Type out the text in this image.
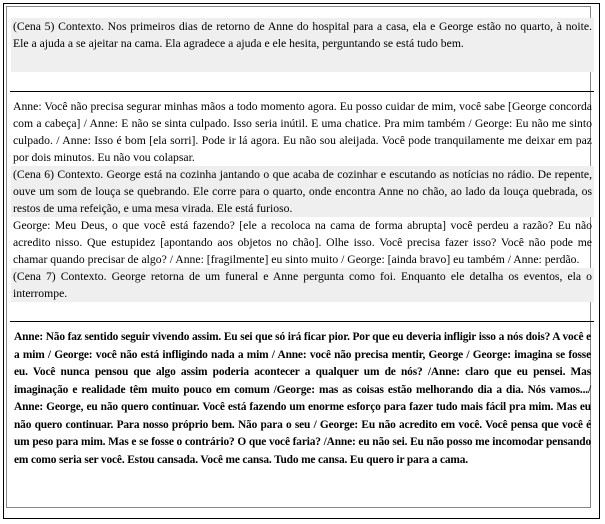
(Cena 5) Contexto. Nos primeiros dias de retorno de Anne do hospital para a casa, ela e George estão no quarto, à noite. Ele a ajuda a se ajeitar na cama. Ela agradece a ajuda e ele hesita, perguntando se está tudo bem.

Anne: Você não precisa segurar minhas mãos a todo momento agora. Eu posso cuidar de mim, você sabe [George concorda com a cabeça] / Anne: E não se sinta culpado. Isso seria inútil. E uma chatice. Pra mim também / George: Eu não me sinto culpado. / Anne: Isso é bom [ela sorri]. Pode ir lá agora. Eu não sou aleijada. Você pode tranquilamente me deixar em paz por dois minutos. Eu não vou colapsar.

(Cena 6) Contexto. George está na cozinha jantando o que acaba de cozinhar e escutando as notícias no rádio. De repente, ouve um som de louça se quebrando. Ele corre para o quarto, onde encontra Anne no chão, ao lado da louça quebrada, os restos de uma refeição, e uma mesa virada. Ele está furioso.

George: Meu Deus, o que você está fazendo? [ele a recoloca na cama de forma abrupta] você perdeu a razão? Eu não acredito nisso. Que estupidez [apontando aos objetos no chão]. Olhe isso. Você precisa fazer isso? Você não pode me chamar quando precisar de algo? / Anne: [fragilmente] eu sinto muito / George: [ainda bravo] eu também / Anne: perdão.

(Cena 7) Contexto. George retorna de um funeral e Anne pergunta como foi. Enquanto ele detalha os eventos, ela o interrompe.

Anne: Não faz sentido seguir vivendo assim. Eu sei que só irá ficar pior. Por que eu deveria infligir isso a nós dois? A você e a mim / George: você não está infligindo nada a mim / Anne: você não precisa mentir, George / George: imagina se fosse eu. Você nunca pensou que algo assim poderia acontecer a qualquer um de nós? /Anne: claro que eu pensei. Mas imaginação e realidade têm muito pouco em comum /George: mas as coisas estão melhorando dia a dia. Nós vamos.../ Anne: George, eu não quero continuar. Você está fazendo um enorme esforço para fazer tudo mais fácil pra mim. Mas eu não quero continuar. Para nosso próprio bem. Não para o seu / George: Eu não acredito em você. Você pensa que você é um peso para mim. Mas e se fosse o contrário? O que você faria? /Anne: eu não sei. Eu não posso me incomodar pensando em como seria ser você. Estou cansada. Você me cansa. Tudo me cansa. Eu quero ir para a cama.
